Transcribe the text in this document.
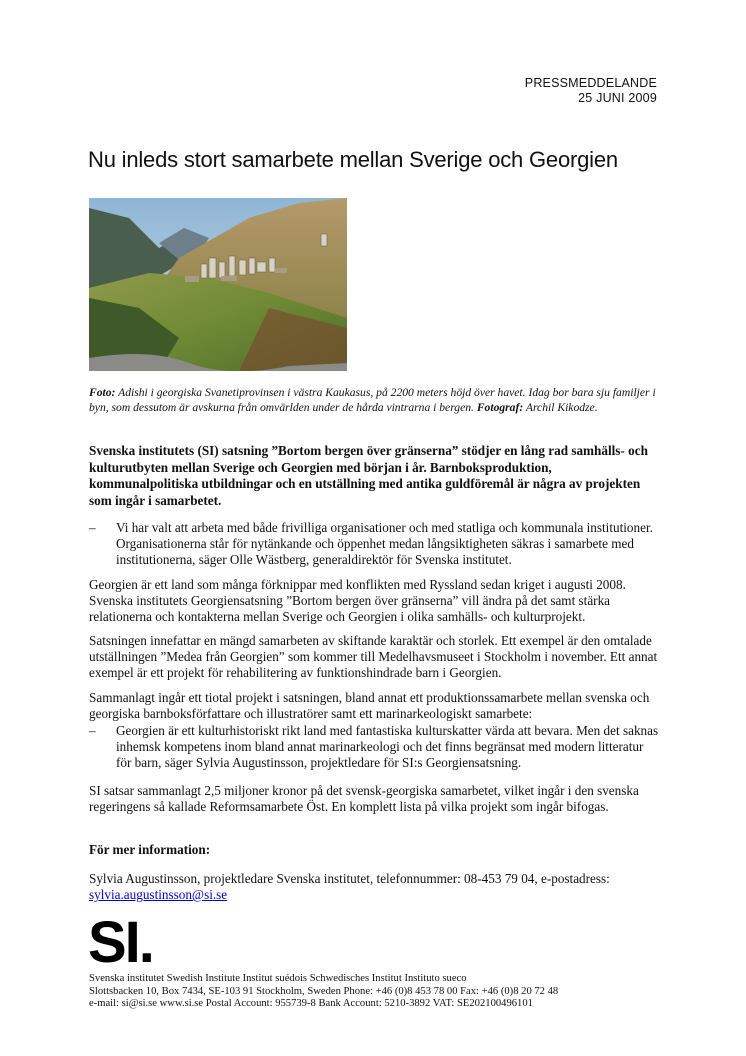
PRESSMEDDELANDE
25 JUNI 2009
Nu inleds stort samarbete mellan Sverige och Georgien
Foto: Adishi i georgiska Svanetiprovinsen i västra Kaukasus, på 2200 meters höjd över havet. Idag bor bara sju familjer i byn, som dessutom är avskurna från omvärlden under de hårda vintrarna i bergen. Fotograf: Archil Kikodze.
Svenska institutets (SI) satsning ”Bortom bergen över gränserna” stödjer en lång rad samhälls- och kulturutbyten mellan Sverige och Georgien med början i år. Barnboksproduktion, kommunalpolitiska utbildningar och en utställning med antika guldföremål är några av projekten som ingår i samarbetet.
– Vi har valt att arbeta med både frivilliga organisationer och med statliga och kommunala institutioner. Organisationerna står för nytänkande och öppenhet medan långsiktigheten säkras i samarbete med institutionerna, säger Olle Wästberg, generaldirektör för Svenska institutet.
Georgien är ett land som många förknippar med konflikten med Ryssland sedan kriget i augusti 2008. Svenska institutets Georgiensatsning ”Bortom bergen över gränserna” vill ändra på det samt stärka relationerna och kontakterna mellan Sverige och Georgien i olika samhälls- och kulturprojekt.
Satsningen innefattar en mängd samarbeten av skiftande karaktär och storlek. Ett exempel är den omtalade utställningen ”Medea från Georgien” som kommer till Medelhavsmuseet i Stockholm i november. Ett annat exempel är ett projekt för rehabilitering av funktionshindrade barn i Georgien.
Sammanlagt ingår ett tiotal projekt i satsningen, bland annat ett produktionssamarbete mellan svenska och georgiska barnboksförfattare och illustratörer samt ett marinarkeologiskt samarbete:
– Georgien är ett kulturhistoriskt rikt land med fantastiska kulturskatter värda att bevara. Men det saknas inhemsk kompetens inom bland annat marinarkeologi och det finns begränsat med modern litteratur för barn, säger Sylvia Augustinsson, projektledare för SI:s Georgiensatsning.
SI satsar sammanlagt 2,5 miljoner kronor på det svensk-georgiska samarbetet, vilket ingår i den svenska regeringens så kallade Reformsamarbete Öst. En komplett lista på vilka projekt som ingår bifogas.
För mer information:
Sylvia Augustinsson, projektledare Svenska institutet, telefonnummer: 08-453 79 04, e-postadress:
sylvia.augustinsson@si.se
SI.
Svenska institutet Swedish Institute Institut suédois Schwedisches Institut Instituto sueco
Slottsbacken 10, Box 7434, SE-103 91 Stockholm, Sweden Phone: +46 (0)8 453 78 00 Fax: +46 (0)8 20 72 48
e-mail: si@si.se www.si.se Postal Account: 955739-8 Bank Account: 5210-3892 VAT: SE202100496101
